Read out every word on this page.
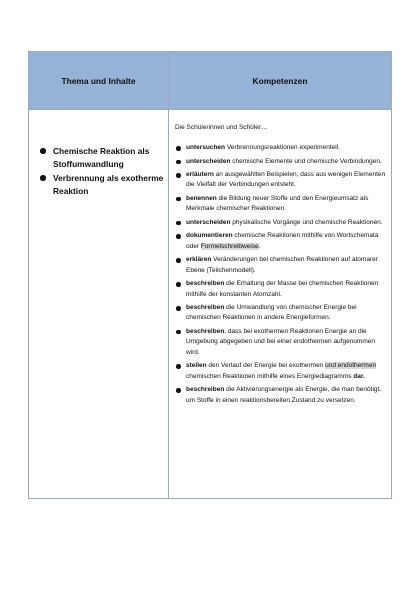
Thema und Inhalte	Kompetenzen
Chemische Reaktion als Stoffumwandlung
Verbrennung als exotherme Reaktion
Die Schülerinnen und Schüler…
untersuchen Verbrennungsreaktionen experimentell.
unterscheiden chemische Elemente und chemische Verbindungen.
erläutern an ausgewählten Beispielen, dass aus wenigen Elementen die Vielfalt der Verbindungen entsteht.
benennen die Bildung neuer Stoffe und den Energieumsatz als Merkmale chemischer Reaktionen.
unterscheiden physikalische Vorgänge und chemische Reaktionen.
dokumentieren chemische Reaktionen mithilfe von Wortschemata oder Formelschreibweise.
erklären Veränderungen bei chemischen Reaktionen auf atomarer Ebene (Teilchenmodell).
beschreiben die Erhaltung der Masse bei chemischen Reaktionen mithilfe der konstanten Atomzahl.
beschreiben die Umwandlung von chemischer Energie bei chemischen Reaktionen in andere Energieformen.
beschreiben, dass bei exothermen Reaktionen Energie an die Umgebung abgegeben und bei einer endothermen aufgenommen wird.
stellen den Verlauf der Energie bei exothermen und endothermen chemischen Reaktionen mithilfe eines Energiediagramms dar.
beschreiben die Aktivierungsenergie als Energie, die man benötigt, um Stoffe in einen reaktionsbereiten Zustand zu versetzen.
